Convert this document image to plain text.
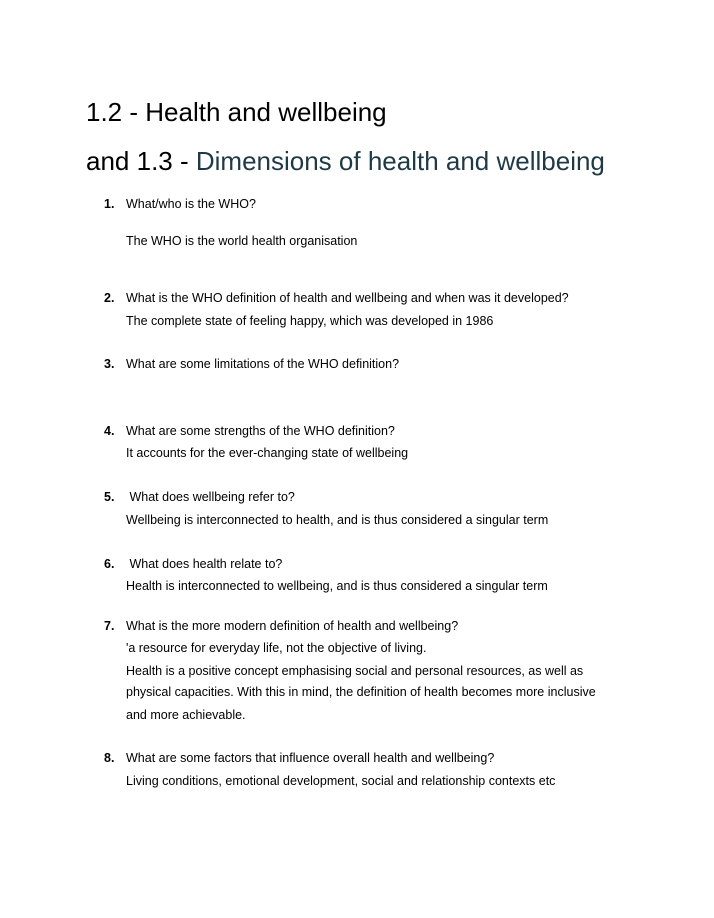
1.2 - Health and wellbeing
and 1.3 - Dimensions of health and wellbeing
1. What/who is the WHO?
The WHO is the world health organisation
2. What is the WHO definition of health and wellbeing and when was it developed?
The complete state of feeling happy, which was developed in 1986
3. What are some limitations of the WHO definition?
4. What are some strengths of the WHO definition?
It accounts for the ever-changing state of wellbeing
5. What does wellbeing refer to?
Wellbeing is interconnected to health, and is thus considered a singular term
6. What does health relate to?
Health is interconnected to wellbeing, and is thus considered a singular term
7. What is the more modern definition of health and wellbeing?
'a resource for everyday life, not the objective of living.
Health is a positive concept emphasising social and personal resources, as well as
physical capacities. With this in mind, the definition of health becomes more inclusive
and more achievable.
8. What are some factors that influence overall health and wellbeing?
Living conditions, emotional development, social and relationship contexts etc
